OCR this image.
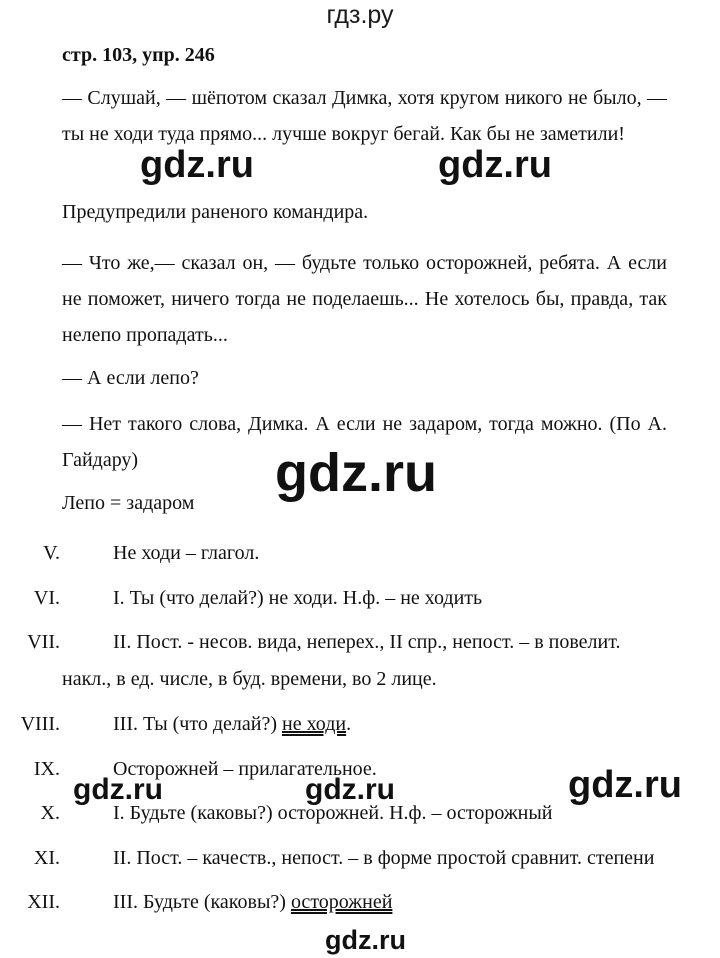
гдз.ру
стр. 103, упр. 246
— Слушай, — шёпотом сказал Димка, хотя кругом никого не было, — ты не ходи туда прямо... лучше вокруг бегай. Как бы не заметили!
Предупредили раненого командира.
— Что же,— сказал он, — будьте только осторожней, ребята. А если не поможет, ничего тогда не поделаешь... Не хотелось бы, правда, так нелепо пропадать...
— А если лепо?
— Нет такого слова, Димка. А если не задаром, тогда можно. (По А. Гайдару)
Лепо = задаром
V.	Не ходи – глагол.
VI.	I. Ты (что делай?) не ходи. Н.ф. – не ходить
VII.	II. Пост. - несов. вида, неперех., II спр., непост. – в повелит.
накл., в ед. числе, в буд. времени, во 2 лице.
VIII.	III. Ты (что делай?) не ходи.
IX.	Осторожней – прилагательное.
X.	I. Будьте (каковы?) осторожней. Н.ф. – осторожный
XI.	II. Пост. – качеств., непост. – в форме простой сравнит. степени
XII.	III. Будьте (каковы?) осторожней
gdz.ru	gdz.ru
gdz.ru
gdz.ru	gdz.ru	gdz.ru
gdz.ru
